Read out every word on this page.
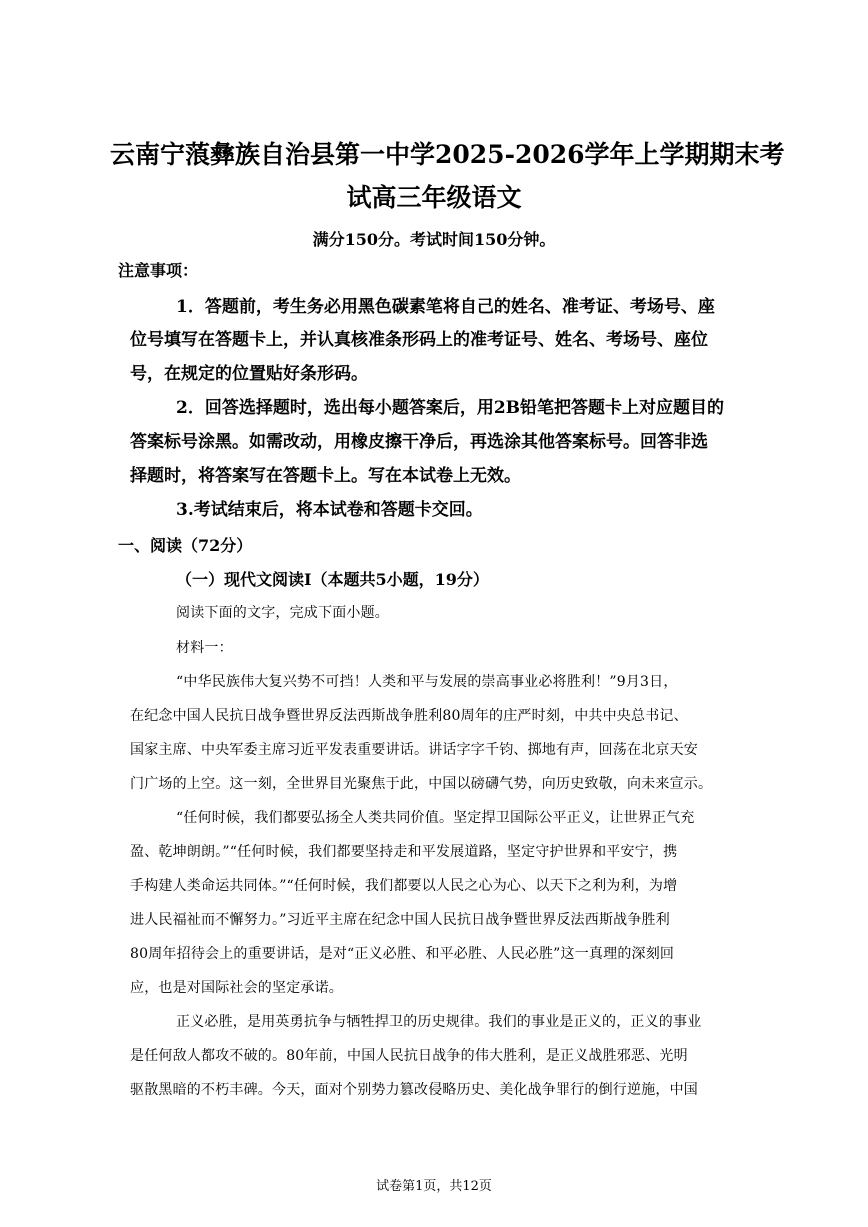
云南宁蒗彝族自治县第一中学2025-2026学年上学期期末考
试高三年级语文
满分150分。考试时间150分钟。
注意事项：
1．答题前，考生务必用黑色碳素笔将自己的姓名、准考证、考场号、座
位号填写在答题卡上，并认真核准条形码上的准考证号、姓名、考场号、座位
号，在规定的位置贴好条形码。
2．回答选择题时，选出每小题答案后，用2B铅笔把答题卡上对应题目的
答案标号涂黑。如需改动，用橡皮擦干净后，再选涂其他答案标号。回答非选
择题时，将答案写在答题卡上。写在本试卷上无效。
3.考试结束后，将本试卷和答题卡交回。
一、阅读（72分）
（一）现代文阅读Ⅰ（本题共5小题，19分）
阅读下面的文字，完成下面小题。
材料一：
“中华民族伟大复兴势不可挡！人类和平与发展的崇高事业必将胜利！”9月3日，
在纪念中国人民抗日战争暨世界反法西斯战争胜利80周年的庄严时刻，中共中央总书记、
国家主席、中央军委主席习近平发表重要讲话。讲话字字千钧、掷地有声，回荡在北京天安
门广场的上空。这一刻，全世界目光聚焦于此，中国以磅礴气势，向历史致敬，向未来宣示。
“任何时候，我们都要弘扬全人类共同价值。坚定捍卫国际公平正义，让世界正气充
盈、乾坤朗朗。”“任何时候，我们都要坚持走和平发展道路，坚定守护世界和平安宁，携
手构建人类命运共同体。”“任何时候，我们都要以人民之心为心、以天下之利为利，为增
进人民福祉而不懈努力。”习近平主席在纪念中国人民抗日战争暨世界反法西斯战争胜利
80周年招待会上的重要讲话，是对“正义必胜、和平必胜、人民必胜”这一真理的深刻回
应，也是对国际社会的坚定承诺。
正义必胜，是用英勇抗争与牺牲捍卫的历史规律。我们的事业是正义的，正义的事业
是任何敌人都攻不破的。80年前，中国人民抗日战争的伟大胜利，是正义战胜邪恶、光明
驱散黑暗的不朽丰碑。今天，面对个别势力篡改侵略历史、美化战争罪行的倒行逆施，中国
试卷第1页，共12页
